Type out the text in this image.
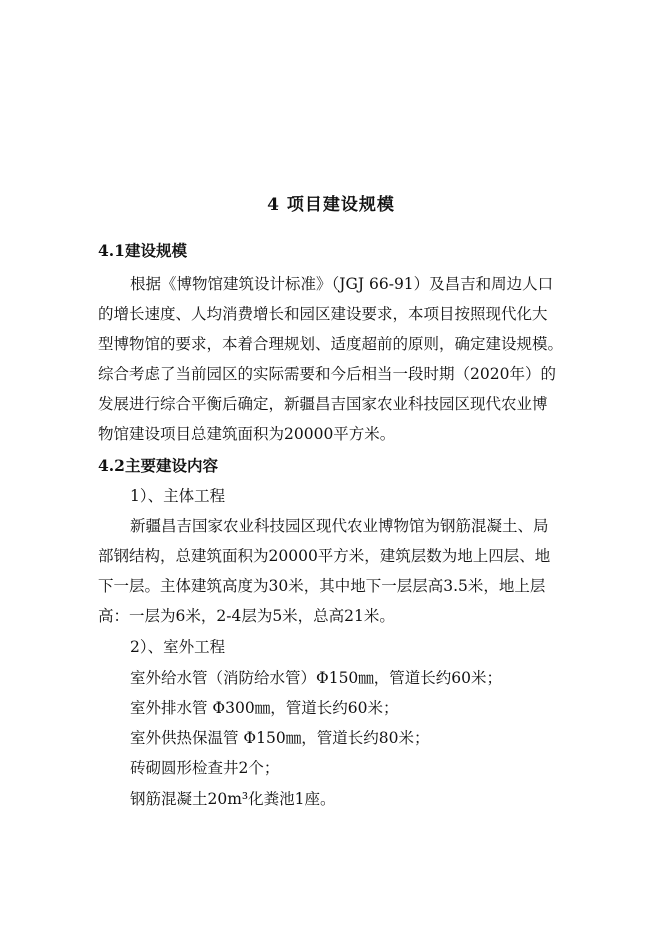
4 项目建设规模
4.1建设规模
根据《博物馆建筑设计标准》（JGJ 66-91）及昌吉和周边人口
的增长速度、人均消费增长和园区建设要求，本项目按照现代化大
型博物馆的要求，本着合理规划、适度超前的原则，确定建设规模。
综合考虑了当前园区的实际需要和今后相当一段时期（2020年）的
发展进行综合平衡后确定，新疆昌吉国家农业科技园区现代农业博
物馆建设项目总建筑面积为20000平方米。
4.2主要建设内容
1）、主体工程
新疆昌吉国家农业科技园区现代农业博物馆为钢筋混凝土、局
部钢结构，总建筑面积为20000平方米，建筑层数为地上四层、地
下一层。主体建筑高度为30米，其中地下一层层高3.5米，地上层
高：一层为6米，2-4层为5米，总高21米。
2）、室外工程
室外给水管（消防给水管）Φ150㎜，管道长约60米；
室外排水管 Φ300㎜，管道长约60米；
室外供热保温管 Φ150㎜，管道长约80米；
砖砌圆形检查井2个；
钢筋混凝土20m³化粪池1座。
